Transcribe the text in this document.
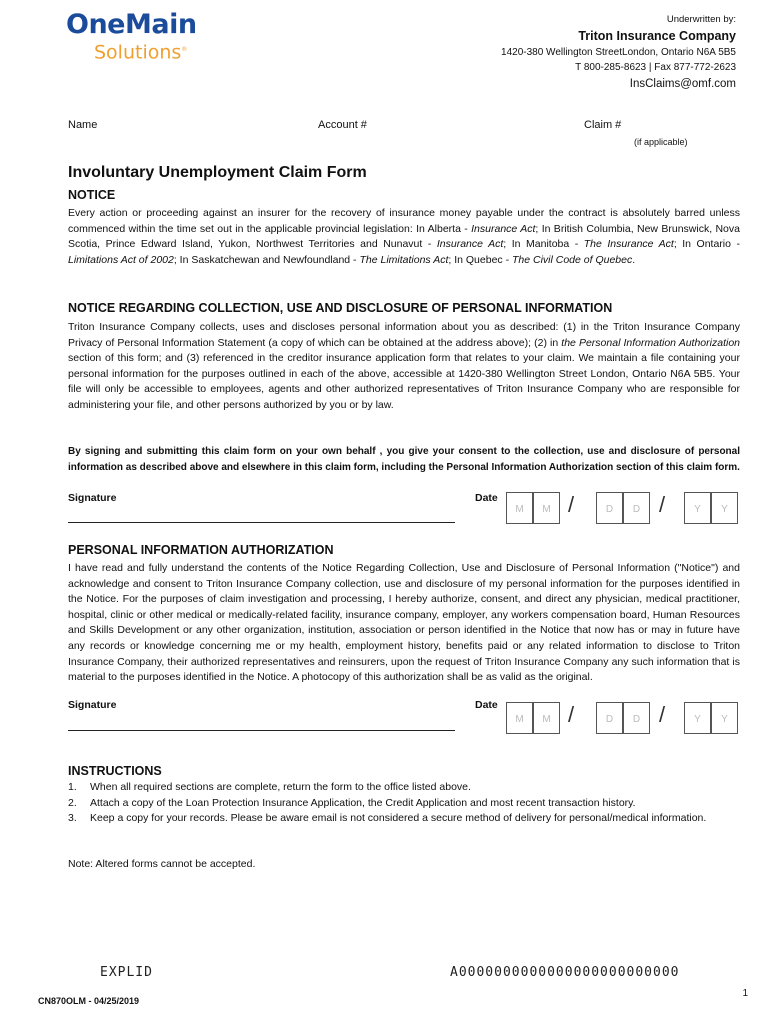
OneMain
Solutions®
Underwritten by:
Triton Insurance Company
1420-380 Wellington StreetLondon, Ontario N6A 5B5
T 800-285-8623 | Fax 877-772-2623
InsClaims@omf.com
Name	Account #	Claim #
(if applicable)
Involuntary Unemployment Claim Form
NOTICE
Every action or proceeding against an insurer for the recovery of insurance money payable under the contract is absolutely barred unless commenced within the time set out in the applicable provincial legislation: In Alberta - Insurance Act; In British Columbia, New Brunswick, Nova Scotia, Prince Edward Island, Yukon, Northwest Territories and Nunavut - Insurance Act; In Manitoba - The Insurance Act; In Ontario - Limitations Act of 2002; In Saskatchewan and Newfoundland - The Limitations Act; In Quebec - The Civil Code of Quebec.
NOTICE REGARDING COLLECTION, USE AND DISCLOSURE OF PERSONAL INFORMATION
Triton Insurance Company collects, uses and discloses personal information about you as described: (1) in the Triton Insurance Company Privacy of Personal Information Statement (a copy of which can be obtained at the address above); (2) in the Personal Information Authorization section of this form; and (3) referenced in the creditor insurance application form that relates to your claim. We maintain a file containing your personal information for the purposes outlined in each of the above, accessible at 1420-380 Wellington Street London, Ontario N6A 5B5. Your file will only be accessible to employees, agents and other authorized representatives of Triton Insurance Company who are responsible for administering your file, and other persons authorized by you or by law.
By signing and submitting this claim form on your own behalf , you give your consent to the collection, use and disclosure of personal information as described above and elsewhere in this claim form, including the Personal Information Authorization section of this claim form.
Signature	Date
M	M /	D	D /	Y	Y
PERSONAL INFORMATION AUTHORIZATION
I have read and fully understand the contents of the Notice Regarding Collection, Use and Disclosure of Personal Information ("Notice") and acknowledge and consent to Triton Insurance Company collection, use and disclosure of my personal information for the purposes identified in the Notice. For the purposes of claim investigation and processing, I hereby authorize, consent, and direct any physician, medical practitioner, hospital, clinic or other medical or medically-related facility, insurance company, employer, any workers compensation board, Human Resources and Skills Development or any other organization, institution, association or person identified in the Notice that now has or may in future have any records or knowledge concerning me or my health, employment history, benefits paid or any related information to disclose to Triton Insurance Company, their authorized representatives and reinsurers, upon the request of Triton Insurance Company any such information that is material to the purposes identified in the Notice. A photocopy of this authorization shall be as valid as the original.
Signature	Date
M	M /	D	D /	Y	Y
INSTRUCTIONS
1. When all required sections are complete, return the form to the office listed above.
2. Attach a copy of the Loan Protection Insurance Application, the Credit Application and most recent transaction history.
3. Keep a copy for your records. Please be aware email is not considered a secure method of delivery for personal/medical information.
Note: Altered forms cannot be accepted.
EXPLID	A0000000000000000000000000
CN870OLM - 04/25/2019
1
